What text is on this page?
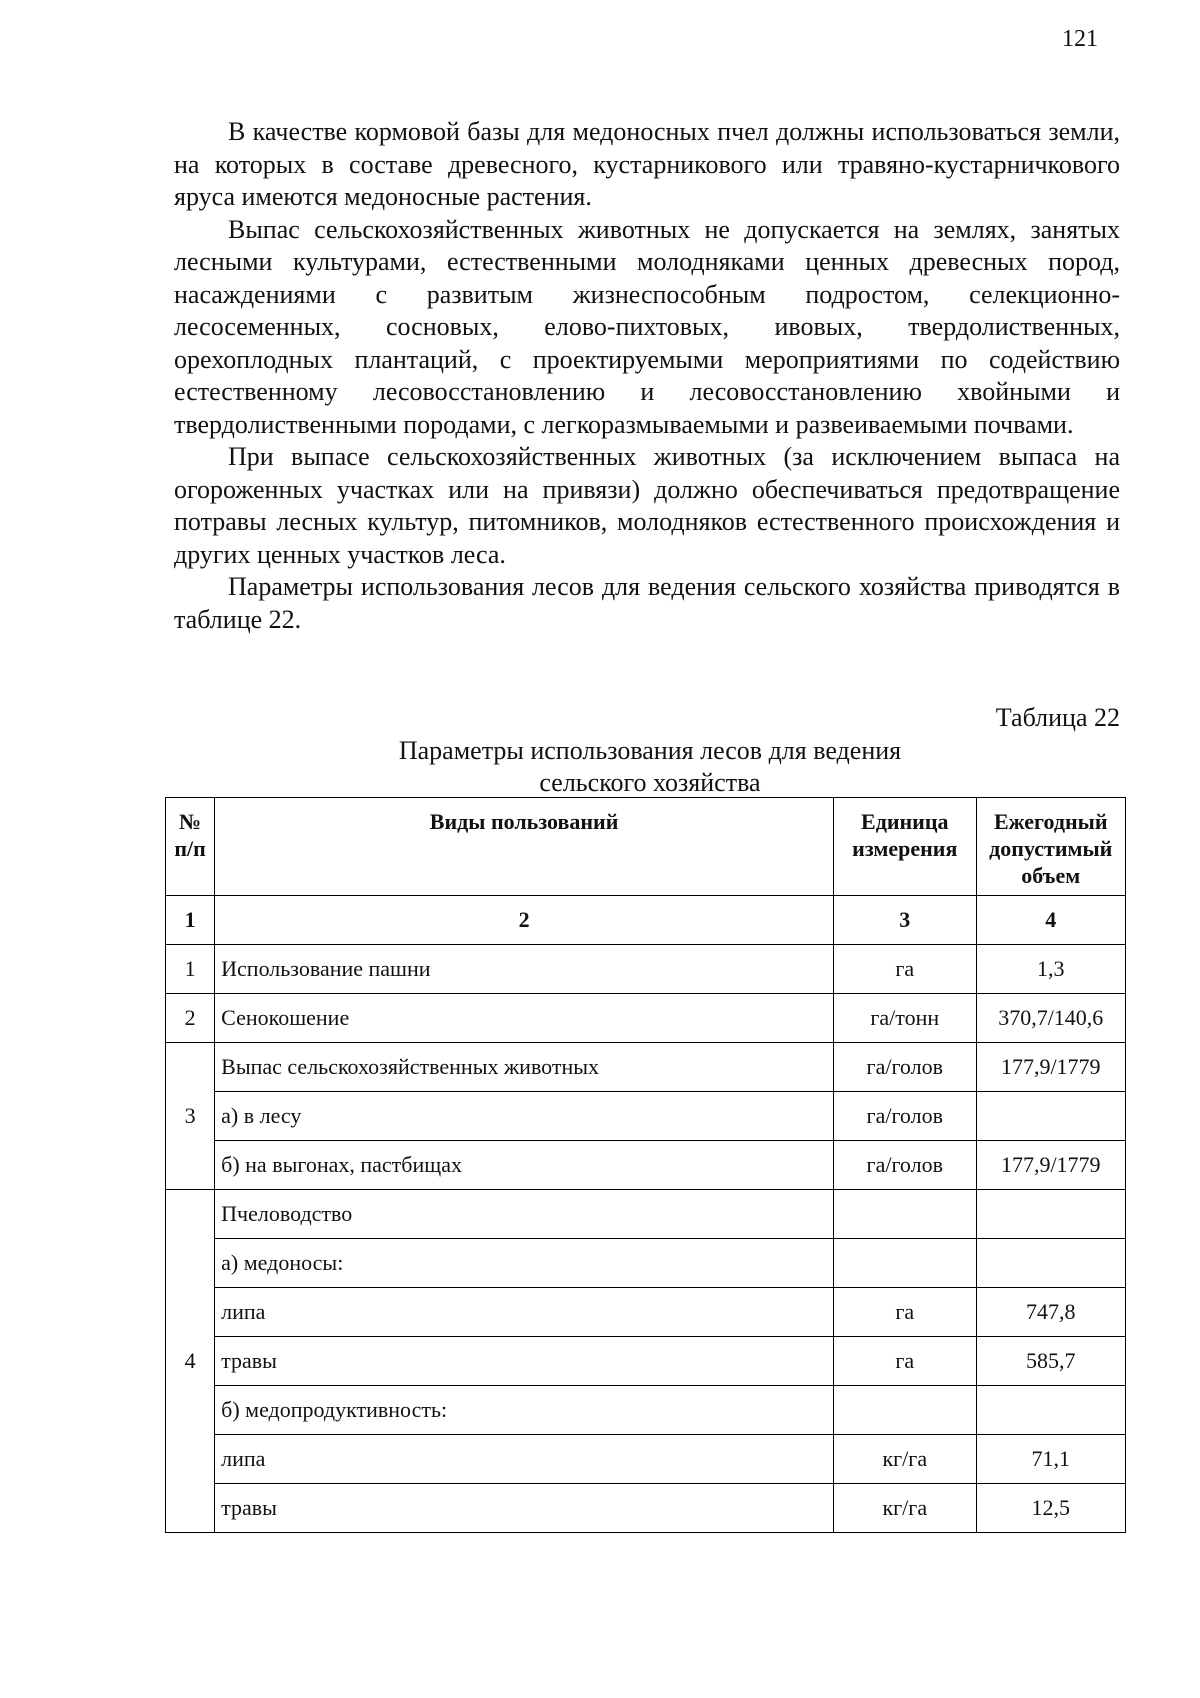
121

В качестве кормовой базы для медоносных пчел должны использоваться земли, на которых в составе древесного, кустарникового или травяно-кустарничкового яруса имеются медоносные растения.

Выпас сельскохозяйственных животных не допускается на землях, занятых лесными культурами, естественными молодняками ценных древесных пород, насаждениями с развитым жизнеспособным подростом, селекционно-лесосеменных, сосновых, елово-пихтовых, ивовых, твердолиственных, орехоплодных плантаций, с проектируемыми мероприятиями по содействию естественному лесовосстановлению и лесовосстановлению хвойными и твердолиственными породами, с легкоразмываемыми и развеиваемыми почвами.

При выпасе сельскохозяйственных животных (за исключением выпаса на огороженных участках или на привязи) должно обеспечиваться предотвращение потравы лесных культур, питомников, молодняков естественного происхождения и других ценных участков леса.

Параметры использования лесов для ведения сельского хозяйства приводятся в таблице 22.

Таблица 22
Параметры использования лесов для ведения
сельского хозяйства
№ п/п	Виды пользований	Единица измерения	Ежегодный допустимый объем
1	2	3	4
1	Использование пашни	га	1,3
2	Сенокошение	га/тонн	370,7/140,6
3	Выпас сельскохозяйственных животных	га/голов	177,9/1779
	а) в лесу	га/голов	
	б) на выгонах, пастбищах	га/голов	177,9/1779
4	Пчеловодство		
	а) медоносы:		
	липа	га	747,8
	травы	га	585,7
	б) медопродуктивность:		
	липа	кг/га	71,1
	травы	кг/га	12,5
